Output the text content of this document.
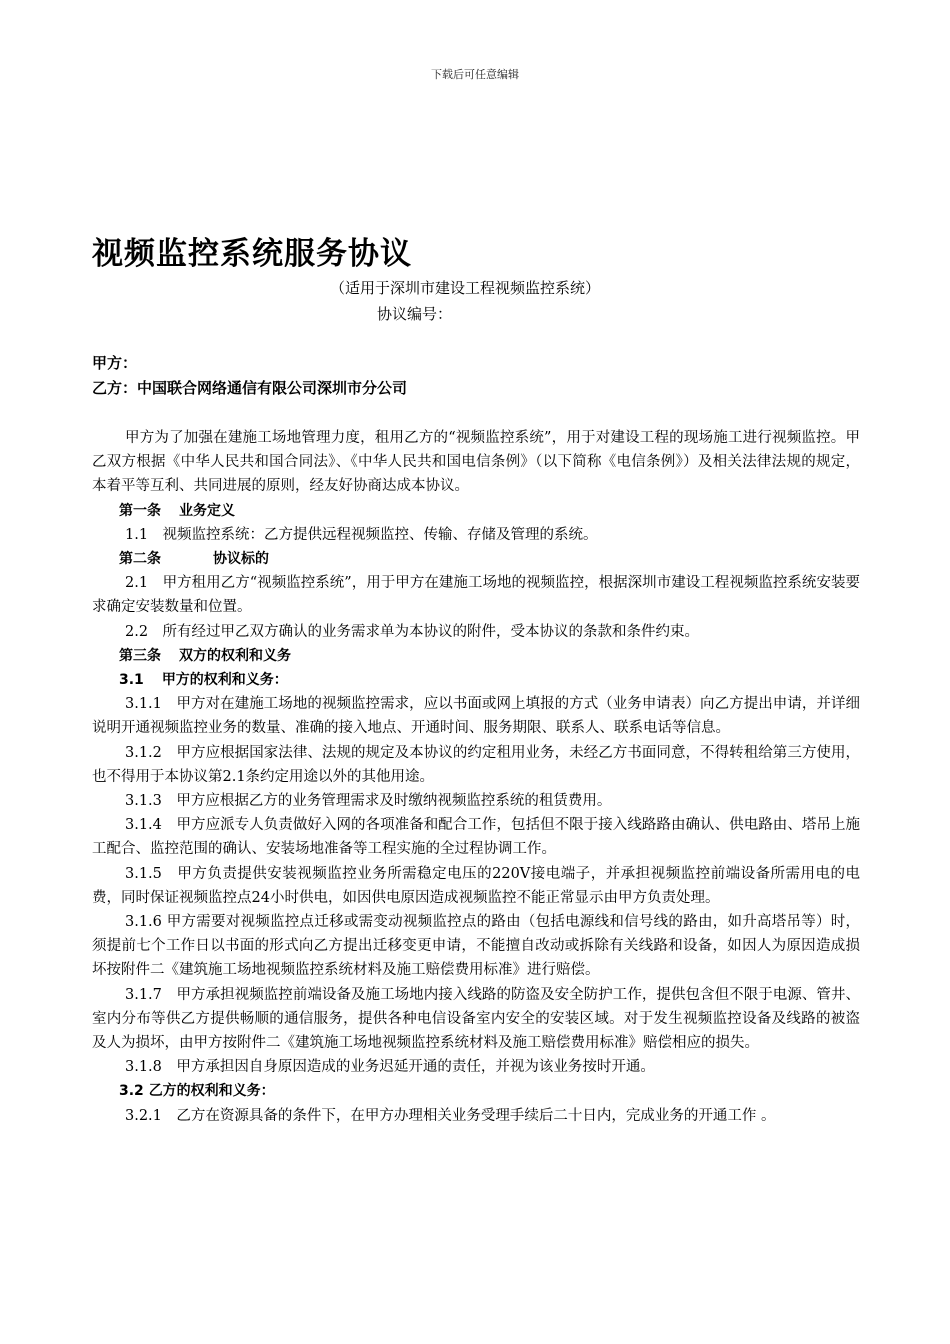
下载后可任意编辑
视频监控系统服务协议
（适用于深圳市建设工程视频监控系统）
协议编号：
甲方：
乙方：中国联合网络通信有限公司深圳市分公司

甲方为了加强在建施工场地管理力度，租用乙方的“视频监控系统”，用于对建设工程的现场施工进行视频监控。甲乙双方根据《中华人民共和国合同法》、《中华人民共和国电信条例》（以下简称《电信条例》）及相关法律法规的规定，本着平等互利、共同进展的原则，经友好协商达成本协议。

第一条 业务定义

1.1　视频监控系统：乙方提供远程视频监控、传输、存储及管理的系统。

第二条	协议标的

2.1　甲方租用乙方“视频监控系统”，用于甲方在建施工场地的视频监控，根据深圳市建设工程视频监控系统安装要求确定安装数量和位置。

2.2　所有经过甲乙双方确认的业务需求单为本协议的附件，受本协议的条款和条件约束。

第三条 双方的权利和义务

3.1 甲方的权利和义务：

3.1.1　甲方对在建施工场地的视频监控需求，应以书面或网上填报的方式（业务申请表）向乙方提出申请，并详细说明开通视频监控业务的数量、准确的接入地点、开通时间、服务期限、联系人、联系电话等信息。

3.1.2　甲方应根据国家法律、法规的规定及本协议的约定租用业务，未经乙方书面同意，不得转租给第三方使用，也不得用于本协议第2.1条约定用途以外的其他用途。

3.1.3　甲方应根据乙方的业务管理需求及时缴纳视频监控系统的租赁费用。

3.1.4　甲方应派专人负责做好入网的各项准备和配合工作，包括但不限于接入线路路由确认、供电路由、塔吊上施工配合、监控范围的确认、安装场地准备等工程实施的全过程协调工作。

3.1.5　甲方负责提供安装视频监控业务所需稳定电压的220V接电端子，并承担视频监控前端设备所需用电的电费，同时保证视频监控点24小时供电，如因供电原因造成视频监控不能正常显示由甲方负责处理。

3.1.6 甲方需要对视频监控点迁移或需变动视频监控点的路由（包括电源线和信号线的路由，如升高塔吊等）时，须提前七个工作日以书面的形式向乙方提出迁移变更申请，不能擅自改动或拆除有关线路和设备，如因人为原因造成损坏按附件二《建筑施工场地视频监控系统材料及施工赔偿费用标准》进行赔偿。

3.1.7　甲方承担视频监控前端设备及施工场地内接入线路的防盗及安全防护工作，提供包含但不限于电源、管井、室内分布等供乙方提供畅顺的通信服务，提供各种电信设备室内安全的安装区域。对于发生视频监控设备及线路的被盗及人为损坏，由甲方按附件二《建筑施工场地视频监控系统材料及施工赔偿费用标准》赔偿相应的损失。

3.1.8　甲方承担因自身原因造成的业务迟延开通的责任，并视为该业务按时开通。

3.2 乙方的权利和义务：

3.2.1　乙方在资源具备的条件下，在甲方办理相关业务受理手续后二十日内，完成业务的开通工作 。
